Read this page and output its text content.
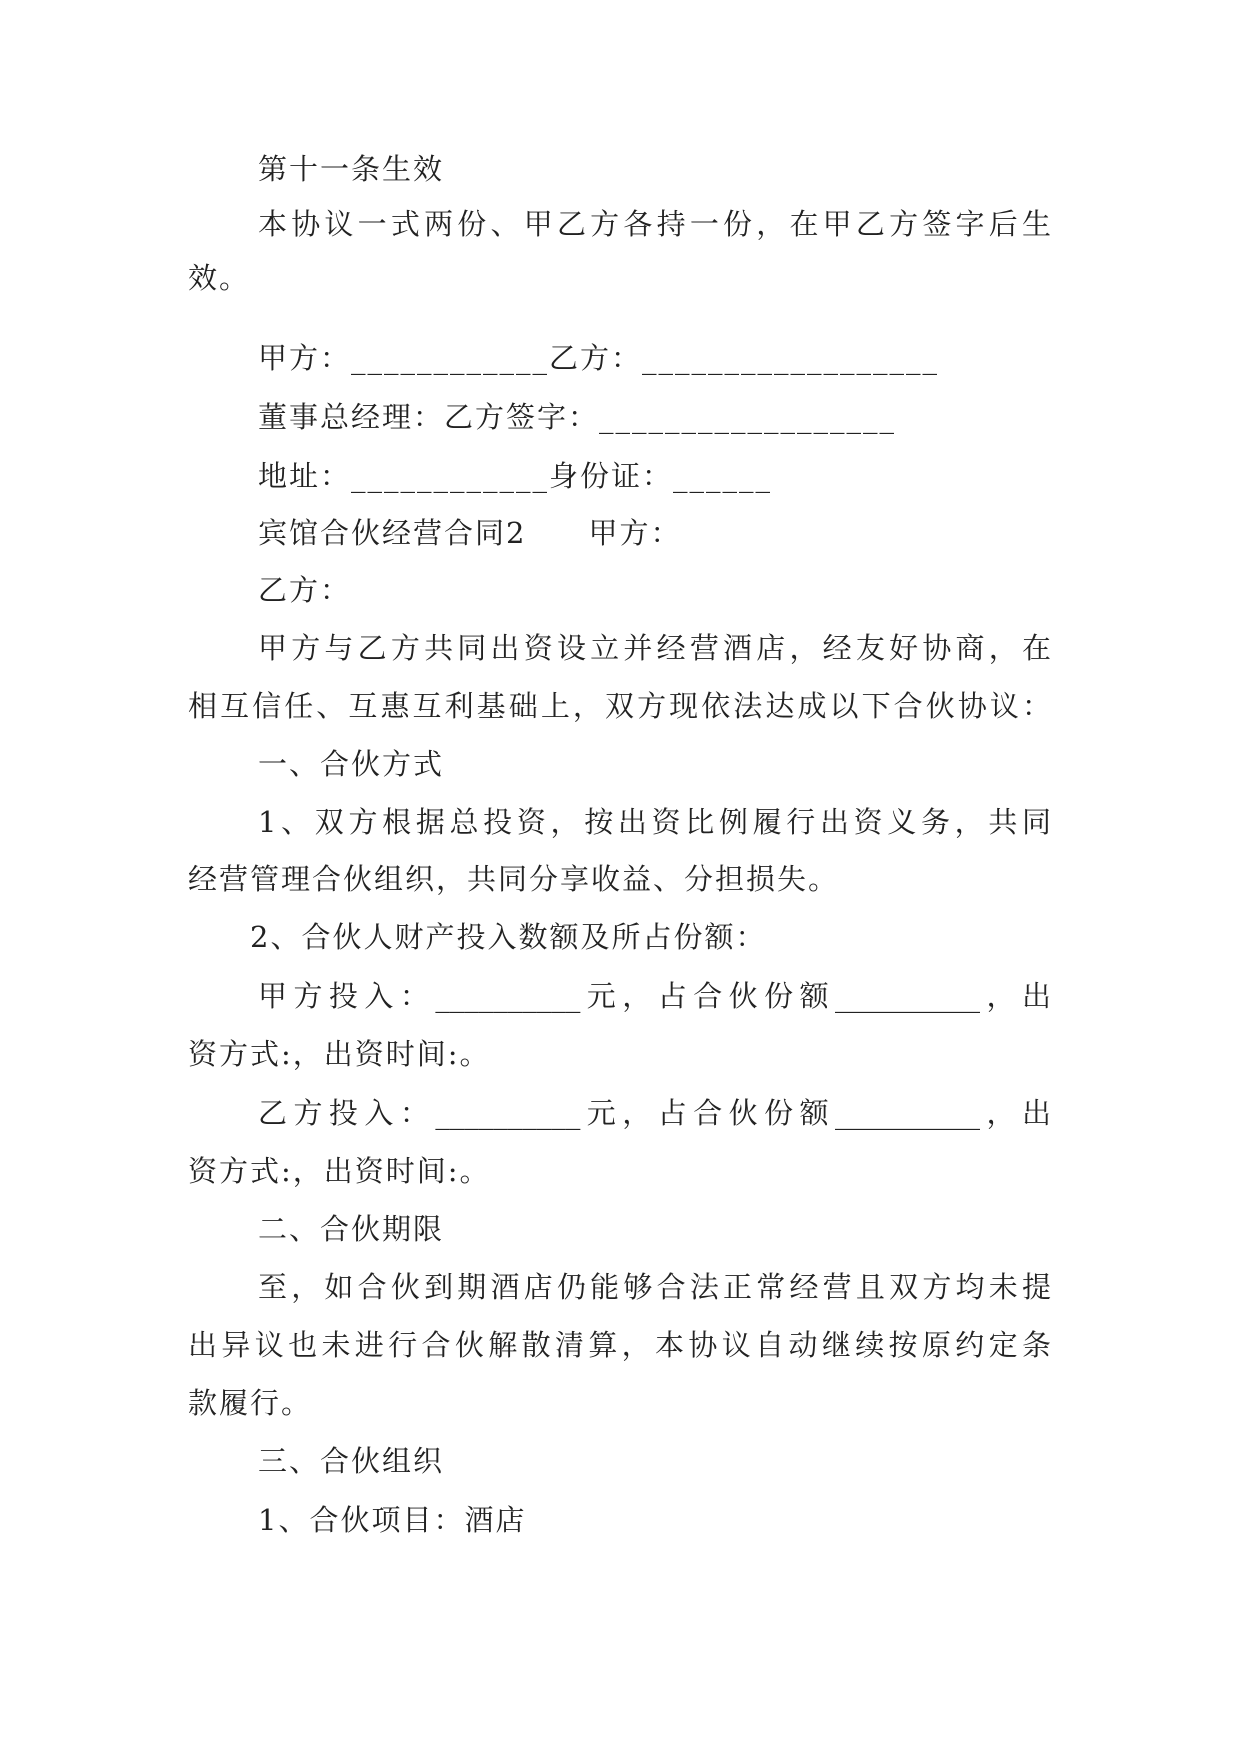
第十一条生效
本协议一式两份、甲乙方各持一份，在甲乙方签字后生
效。
甲方：____________乙方：__________________
董事总经理：乙方签字：__________________
地址：____________身份证：______
宾馆合伙经营合同2　　甲方：
乙方：
甲方与乙方共同出资设立并经营酒店，经友好协商，在
相互信任、互惠互利基础上，双方现依法达成以下合伙协议：
一、合伙方式
1、双方根据总投资，按出资比例履行出资义务，共同
经营管理合伙组织，共同分享收益、分担损失。
2、合伙人财产投入数额及所占份额：
甲方投入：__________元，占合伙份额__________，出
资方式:，出资时间:。
乙方投入：__________元，占合伙份额__________，出
资方式:，出资时间:。
二、合伙期限
至，如合伙到期酒店仍能够合法正常经营且双方均未提
出异议也未进行合伙解散清算，本协议自动继续按原约定条
款履行。
三、合伙组织
1、合伙项目：酒店
